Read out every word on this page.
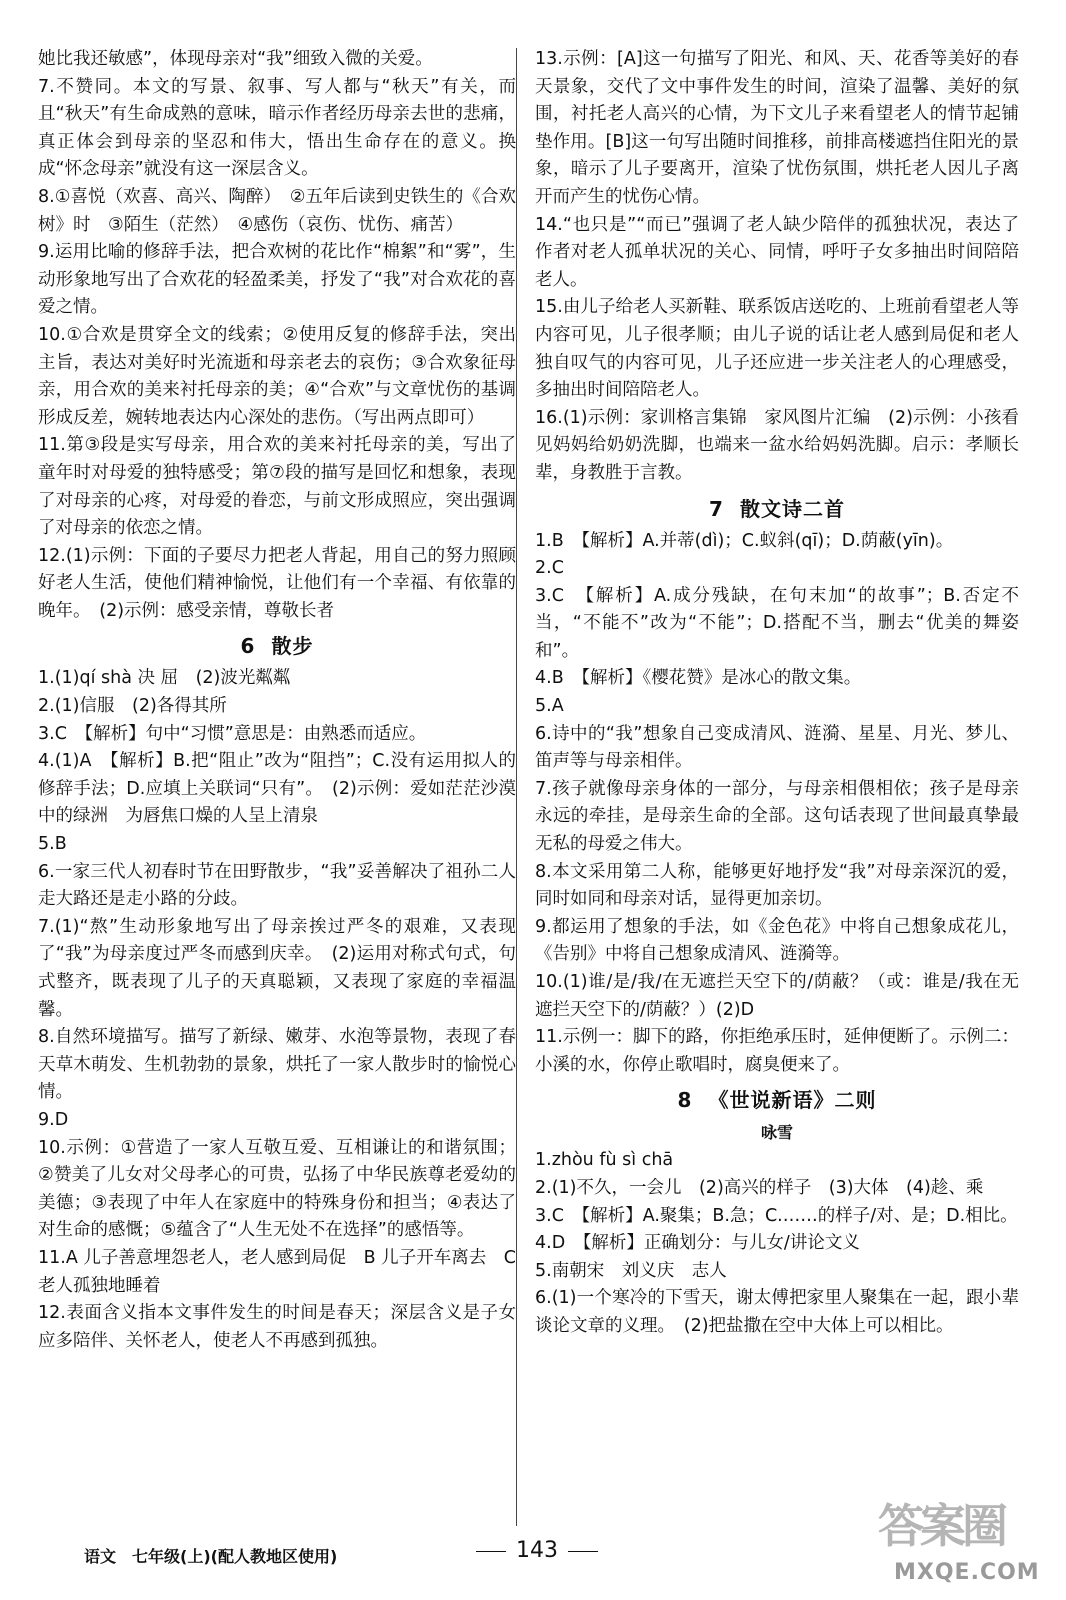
她比我还敏感”，体现母亲对“我”细致入微的关爱。

7.不赞同。本文的写景、叙事、写人都与“秋天”有关，而且“秋天”有生命成熟的意味，暗示作者经历母亲去世的悲痛，真正体会到母亲的坚忍和伟大，悟出生命存在的意义。换成“怀念母亲”就没有这一深层含义。

8.①喜悦（欢喜、高兴、陶醉）　②五年后读到史铁生的《合欢树》时　③陌生（茫然）　④感伤（哀伤、忧伤、痛苦）

9.运用比喻的修辞手法，把合欢树的花比作“棉絮”和“雾”，生动形象地写出了合欢花的轻盈柔美，抒发了“我”对合欢花的喜爱之情。

10.①合欢是贯穿全文的线索；②使用反复的修辞手法，突出主旨，表达对美好时光流逝和母亲老去的哀伤；③合欢象征母亲，用合欢的美来衬托母亲的美；④“合欢”与文章忧伤的基调形成反差，婉转地表达内心深处的悲伤。（写出两点即可）

11.第③段是实写母亲，用合欢的美来衬托母亲的美，写出了童年时对母爱的独特感受；第⑦段的描写是回忆和想象，表现了对母亲的心疼，对母爱的眷恋，与前文形成照应，突出强调了对母亲的依恋之情。

12.(1)示例：下面的子要尽力把老人背起，用自己的努力照顾好老人生活，使他们精神愉悦，让他们有一个幸福、有依靠的晚年。　(2)示例：感受亲情，尊敬长者

6 散步

1.(1)qí shà 决 屈　(2)波光粼粼

2.(1)信服　(2)各得其所

3.C　【解析】句中“习惯”意思是：由熟悉而适应。

4.(1)A　【解析】B.把“阻止”改为“阻挡”；C.没有运用拟人的修辞手法；D.应填上关联词“只有”。　(2)示例：爱如茫茫沙漠中的绿洲　为唇焦口燥的人呈上清泉

5.B

6.一家三代人初春时节在田野散步，“我”妥善解决了祖孙二人走大路还是走小路的分歧。

7.(1)“熬”生动形象地写出了母亲挨过严冬的艰难，又表现了“我”为母亲度过严冬而感到庆幸。　(2)运用对称式句式，句式整齐，既表现了儿子的天真聪颖，又表现了家庭的幸福温馨。

8.自然环境描写。描写了新绿、嫩芽、水泡等景物，表现了春天草木萌发、生机勃勃的景象，烘托了一家人散步时的愉悦心情。

9.D

10.示例：①营造了一家人互敬互爱、互相谦让的和谐氛围；②赞美了儿女对父母孝心的可贵，弘扬了中华民族尊老爱幼的美德；③表现了中年人在家庭中的特殊身份和担当；④表达了对生命的感慨；⑤蕴含了“人生无处不在选择”的感悟等。

11.A 儿子善意埋怨老人，老人感到局促　B 儿子开车离去　C 老人孤独地睡着

12.表面含义指本文事件发生的时间是春天；深层含义是子女应多陪伴、关怀老人，使老人不再感到孤独。

13.示例：[A]这一句描写了阳光、和风、天、花香等美好的春天景象，交代了文中事件发生的时间，渲染了温馨、美好的氛围，衬托老人高兴的心情，为下文儿子来看望老人的情节起铺垫作用。[B]这一句写出随时间推移，前排高楼遮挡住阳光的景象，暗示了儿子要离开，渲染了忧伤氛围，烘托老人因儿子离开而产生的忧伤心情。

14.“也只是”“而已”强调了老人缺少陪伴的孤独状况，表达了作者对老人孤单状况的关心、同情，呼吁子女多抽出时间陪陪老人。

15.由儿子给老人买新鞋、联系饭店送吃的、上班前看望老人等内容可见，儿子很孝顺；由儿子说的话让老人感到局促和老人独自叹气的内容可见，儿子还应进一步关注老人的心理感受，多抽出时间陪陪老人。

16.(1)示例：家训格言集锦　家风图片汇编　(2)示例：小孩看见妈妈给奶奶洗脚，也端来一盆水给妈妈洗脚。启示：孝顺长辈，身教胜于言教。

7 散文诗二首

1.B　【解析】A.并蒂(dì)；C.蚁斜(qī)；D.荫蔽(yīn)。

2.C

3.C　【解析】A.成分残缺，在句末加“的故事”；B.否定不当，“不能不”改为“不能”；D.搭配不当，删去“优美的舞姿和”。

4.B　【解析】《樱花赞》是冰心的散文集。

5.A

6.诗中的“我”想象自己变成清风、涟漪、星星、月光、梦儿、笛声等与母亲相伴。

7.孩子就像母亲身体的一部分，与母亲相偎相依；孩子是母亲永远的牵挂，是母亲生命的全部。这句话表现了世间最真挚最无私的母爱之伟大。

8.本文采用第二人称，能够更好地抒发“我”对母亲深沉的爱，同时如同和母亲对话，显得更加亲切。

9.都运用了想象的手法，如《金色花》中将自己想象成花儿，《告别》中将自己想象成清风、涟漪等。

10.(1)谁/是/我/在无遮拦天空下的/荫蔽？（或：谁是/我在无遮拦天空下的/荫蔽？）(2)D

11.示例一：脚下的路，你拒绝承压时，延伸便断了。示例二：小溪的水，你停止歌唱时，腐臭便来了。

8 《世说新语》二则
咏雪

1.zhòu fù sì chā

2.(1)不久，一会儿　(2)高兴的样子　(3)大体　(4)趁、乘

3.C　【解析】A.聚集；B.急；C.……的样子/对、是；D.相比。

4.D　【解析】正确划分：与儿女/讲论文义

5.南朝宋　刘义庆　志人

6.(1)一个寒冷的下雪天，谢太傅把家里人聚集在一起，跟小辈谈论文章的义理。　(2)把盐撒在空中大体上可以相比。

语文　七年级(上)(配人教地区使用)	143	答案圈
MXQE.COM
